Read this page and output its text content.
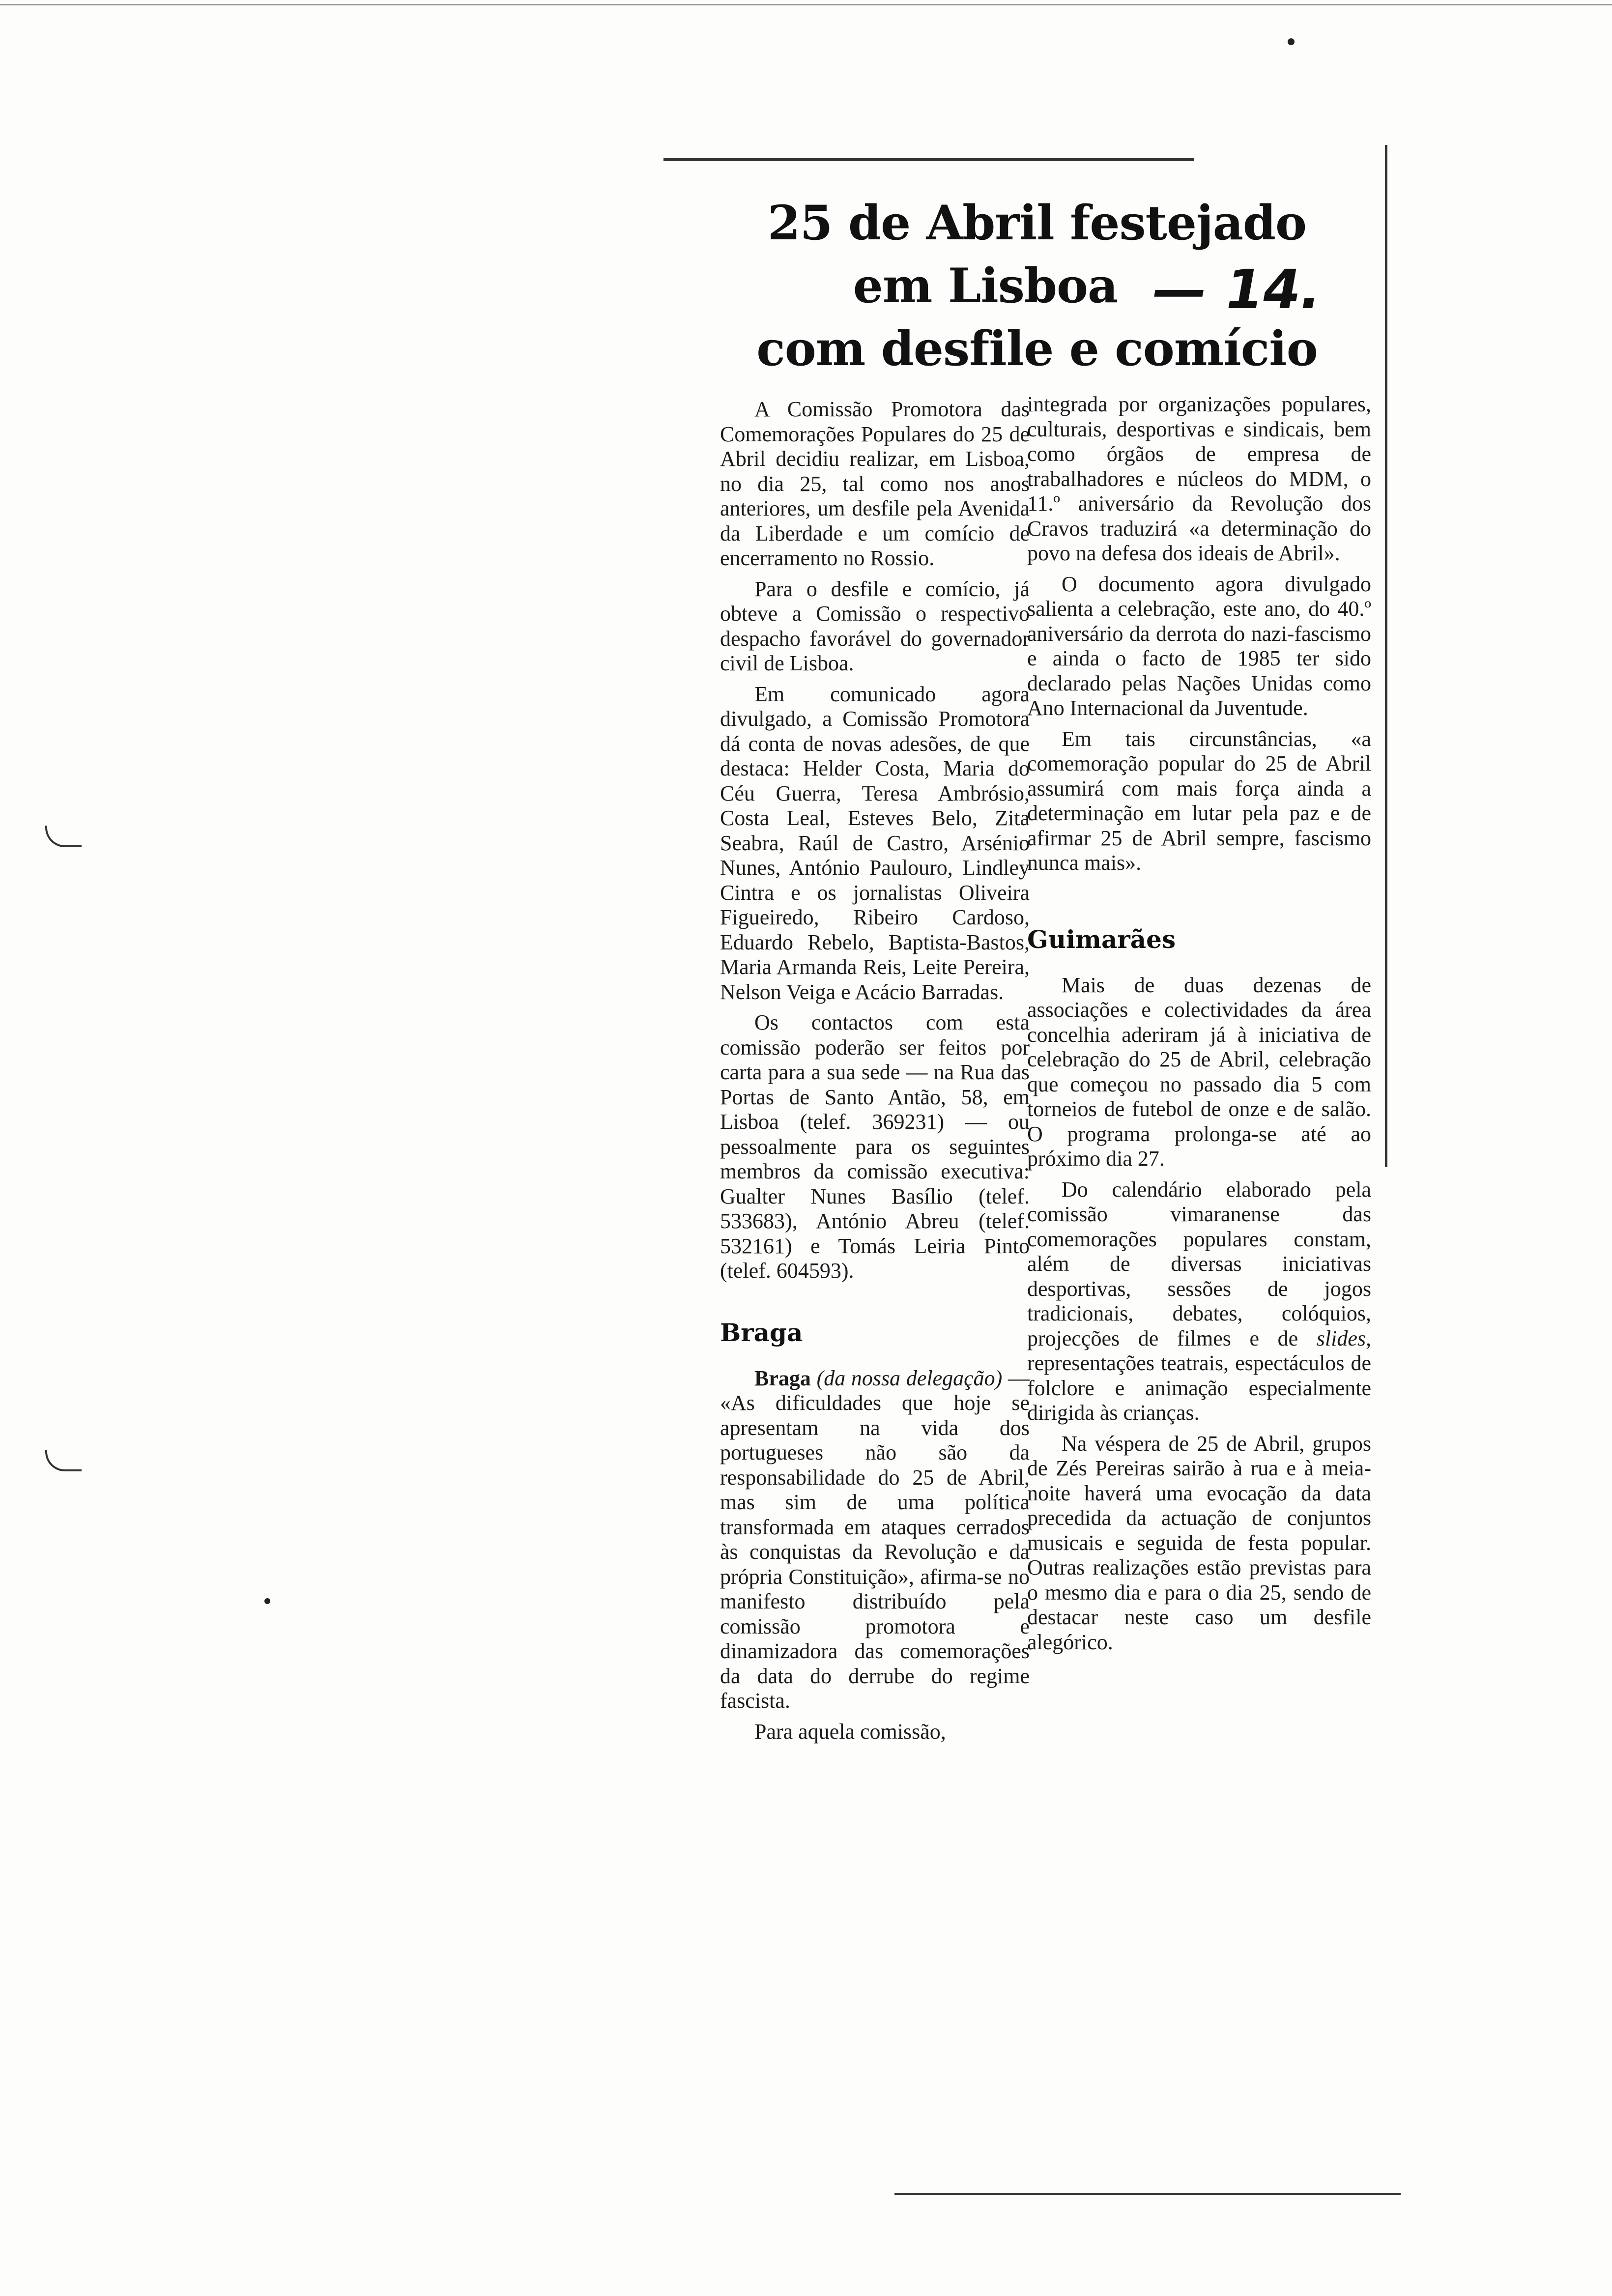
25 de Abril festejado
em Lisboa
com desfile e comício
— 14.

A Comissão Promotora das Comemorações Populares do 25 de Abril decidiu realizar, em Lisboa, no dia 25, tal como nos anos anteriores, um desfile pela Avenida da Liberdade e um comício de encerramento no Rossio.

Para o desfile e comício, já obteve a Comissão o respectivo despacho favorável do governador civil de Lisboa.

Em comunicado agora divulgado, a Comissão Promotora dá conta de novas adesões, de que destaca: Helder Costa, Maria do Céu Guerra, Teresa Ambrósio, Costa Leal, Esteves Belo, Zita Seabra, Raúl de Castro, Arsénio Nunes, António Paulouro, Lindley Cintra e os jornalistas Oliveira Figueiredo, Ribeiro Cardoso, Eduardo Rebelo, Baptista-Bastos, Maria Armanda Reis, Leite Pereira, Nelson Veiga e Acácio Barradas.

Os contactos com esta comissão poderão ser feitos por carta para a sua sede — na Rua das Portas de Santo Antão, 58, em Lisboa (telef. 369231) — ou pessoalmente para os seguintes membros da comissão executiva: Gualter Nunes Basílio (telef. 533683), António Abreu (telef. 532161) e Tomás Leiria Pinto (telef. 604593).

Braga

Braga (da nossa delegação) — «As dificuldades que hoje se apresentam na vida dos portugueses não são da responsabilidade do 25 de Abril, mas sim de uma política transformada em ataques cerrados às conquistas da Revolução e da própria Constituição», afirma-se no manifesto distribuído pela comissão promotora e dinamizadora das comemorações da data do derrube do regime fascista.

Para aquela comissão,

integrada por organizações populares, culturais, desportivas e sindicais, bem como órgãos de empresa de trabalhadores e núcleos do MDM, o 11.º aniversário da Revolução dos Cravos traduzirá «a determinação do povo na defesa dos ideais de Abril».

O documento agora divulgado salienta a celebração, este ano, do 40.º aniversário da derrota do nazi-fascismo e ainda o facto de 1985 ter sido declarado pelas Nações Unidas como Ano Internacional da Juventude.

Em tais circunstâncias, «a comemoração popular do 25 de Abril assumirá com mais força ainda a determinação em lutar pela paz e de afirmar 25 de Abril sempre, fascismo nunca mais».

Guimarães

Mais de duas dezenas de associações e colectividades da área concelhia aderiram já à iniciativa de celebração do 25 de Abril, celebração que começou no passado dia 5 com torneios de futebol de onze e de salão. O programa prolonga-se até ao próximo dia 27.

Do calendário elaborado pela comissão vimaranense das comemorações populares constam, além de diversas iniciativas desportivas, sessões de jogos tradicionais, debates, colóquios, projecções de filmes e de slides, representações teatrais, espectáculos de folclore e animação especialmente dirigida às crianças.

Na véspera de 25 de Abril, grupos de Zés Pereiras sairão à rua e à meia-noite haverá uma evocação da data precedida da actuação de conjuntos musicais e seguida de festa popular. Outras realizações estão previstas para o mesmo dia e para o dia 25, sendo de destacar neste caso um desfile alegórico.
